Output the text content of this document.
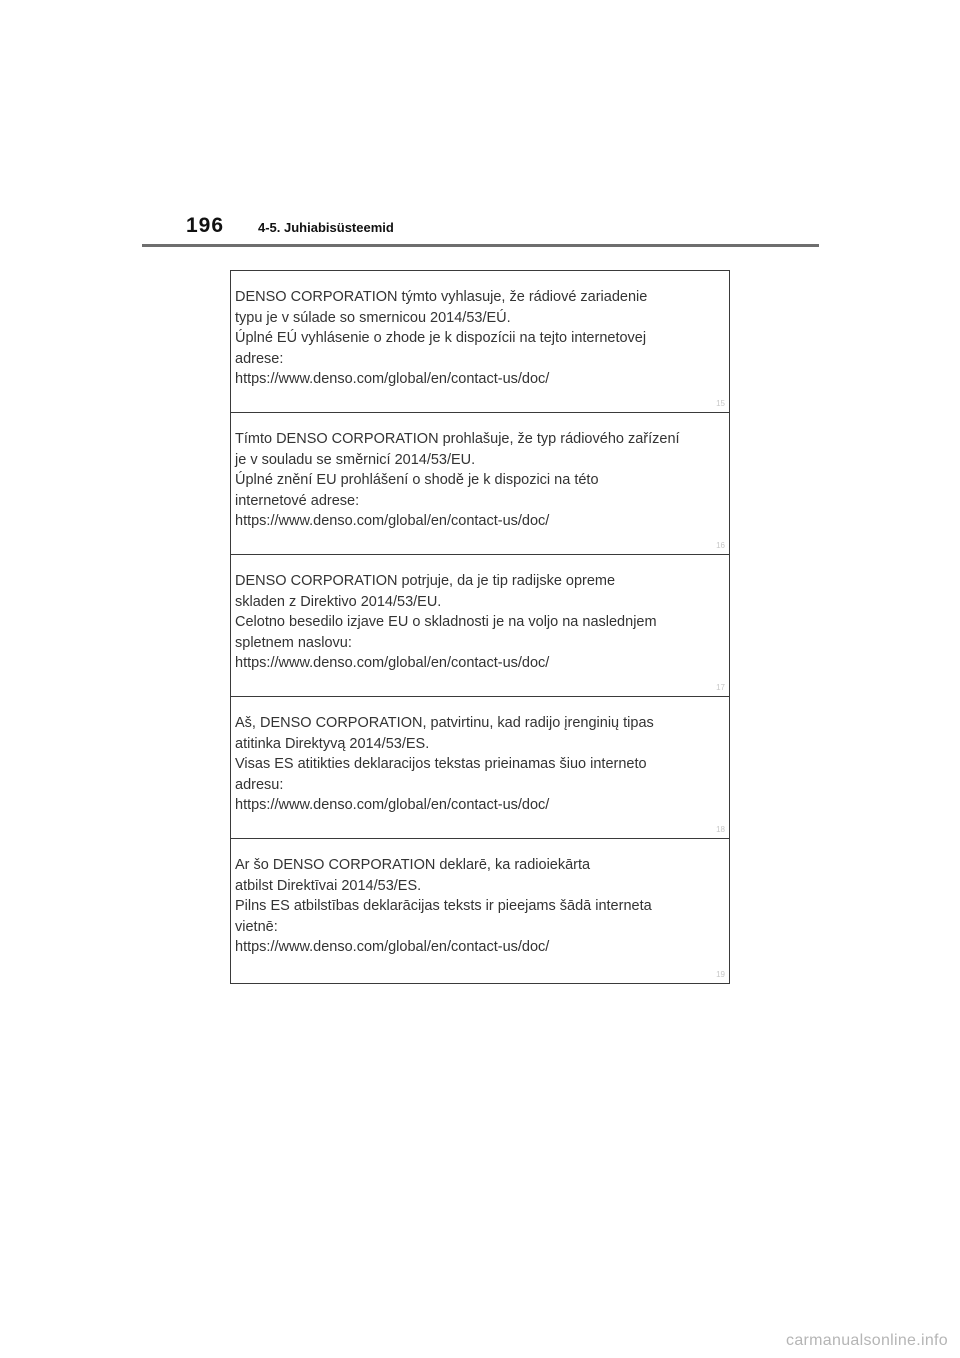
196	4-5. Juhiabisüsteemid
DENSO CORPORATION týmto vyhlasuje, že rádiové zariadenie
typu je v súlade so smernicou 2014/53/EÚ.
Úplné EÚ vyhlásenie o zhode je k dispozícii na tejto internetovej
adrese:
https://www.denso.com/global/en/contact-us/doc/
15
Tímto DENSO CORPORATION prohlašuje, že typ rádiového zařízení
je v souladu se směrnicí 2014/53/EU.
Úplné znění EU prohlášení o shodě je k dispozici na této
internetové adrese:
https://www.denso.com/global/en/contact-us/doc/
16
DENSO CORPORATION potrjuje, da je tip radijske opreme
skladen z Direktivo 2014/53/EU.
Celotno besedilo izjave EU o skladnosti je na voljo na naslednjem
spletnem naslovu:
https://www.denso.com/global/en/contact-us/doc/
17
Aš, DENSO CORPORATION, patvirtinu, kad radijo įrenginių tipas
atitinka Direktyvą 2014/53/ES.
Visas ES atitikties deklaracijos tekstas prieinamas šiuo interneto
adresu:
https://www.denso.com/global/en/contact-us/doc/
18
Ar šo DENSO CORPORATION deklarē, ka radioiekārta
atbilst Direktīvai 2014/53/ES.
Pilns ES atbilstības deklarācijas teksts ir pieejams šādā interneta
vietnē:
https://www.denso.com/global/en/contact-us/doc/
19
carmanualsonline.info
